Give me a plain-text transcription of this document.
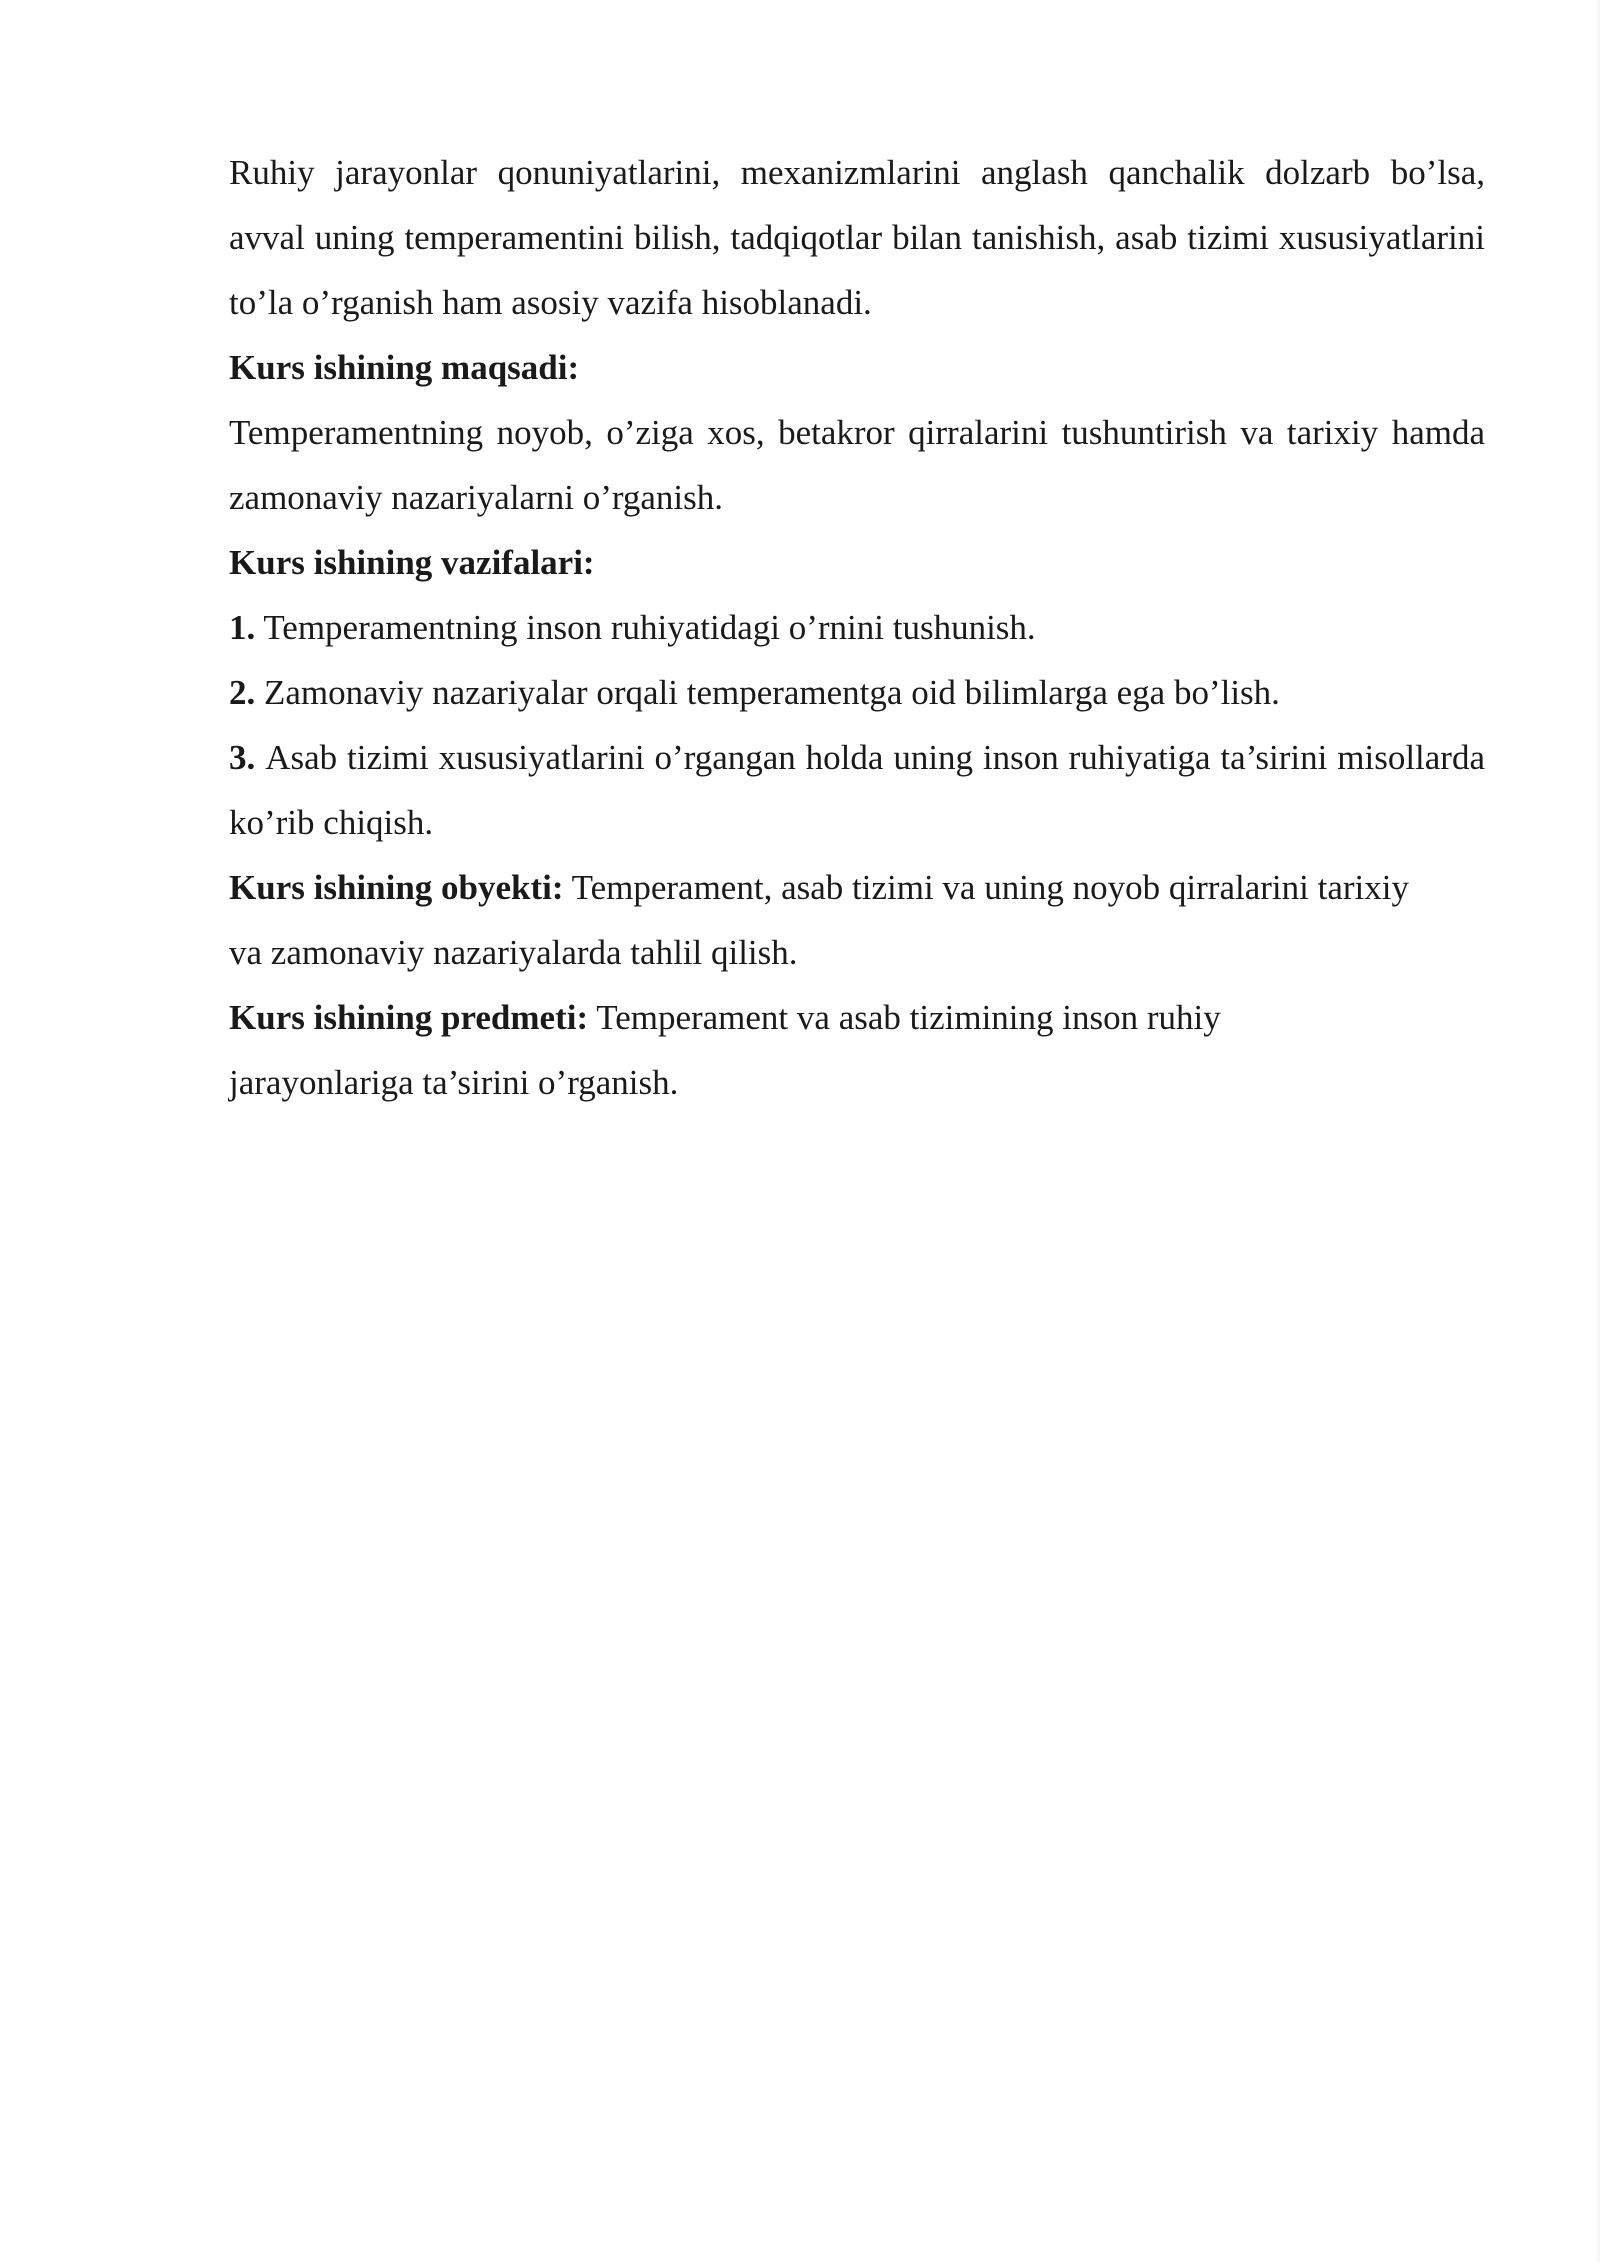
Ruhiy jarayonlar qonuniyatlarini, mexanizmlarini anglash qanchalik dolzarb bo’lsa, avval uning temperamentini bilish, tadqiqotlar bilan tanishish, asab tizimi xususiyatlarini to’la o’rganish ham asosiy vazifa hisoblanadi.

Kurs ishining maqsadi:

Temperamentning noyob, o’ziga xos, betakror qirralarini tushuntirish va tarixiy hamda zamonaviy nazariyalarni o’rganish.

Kurs ishining vazifalari:

1. Temperamentning inson ruhiyatidagi o’rnini tushunish.

2. Zamonaviy nazariyalar orqali temperamentga oid bilimlarga ega bo’lish.

3. Asab tizimi xususiyatlarini o’rgangan holda uning inson ruhiyatiga ta’sirini misollarda ko’rib chiqish.

Kurs ishining obyekti: Temperament, asab tizimi va uning noyob qirralarini tarixiy va zamonaviy nazariyalarda tahlil qilish.

Kurs ishining predmeti: Temperament va asab tizimining inson ruhiy jarayonlariga ta’sirini o’rganish.
